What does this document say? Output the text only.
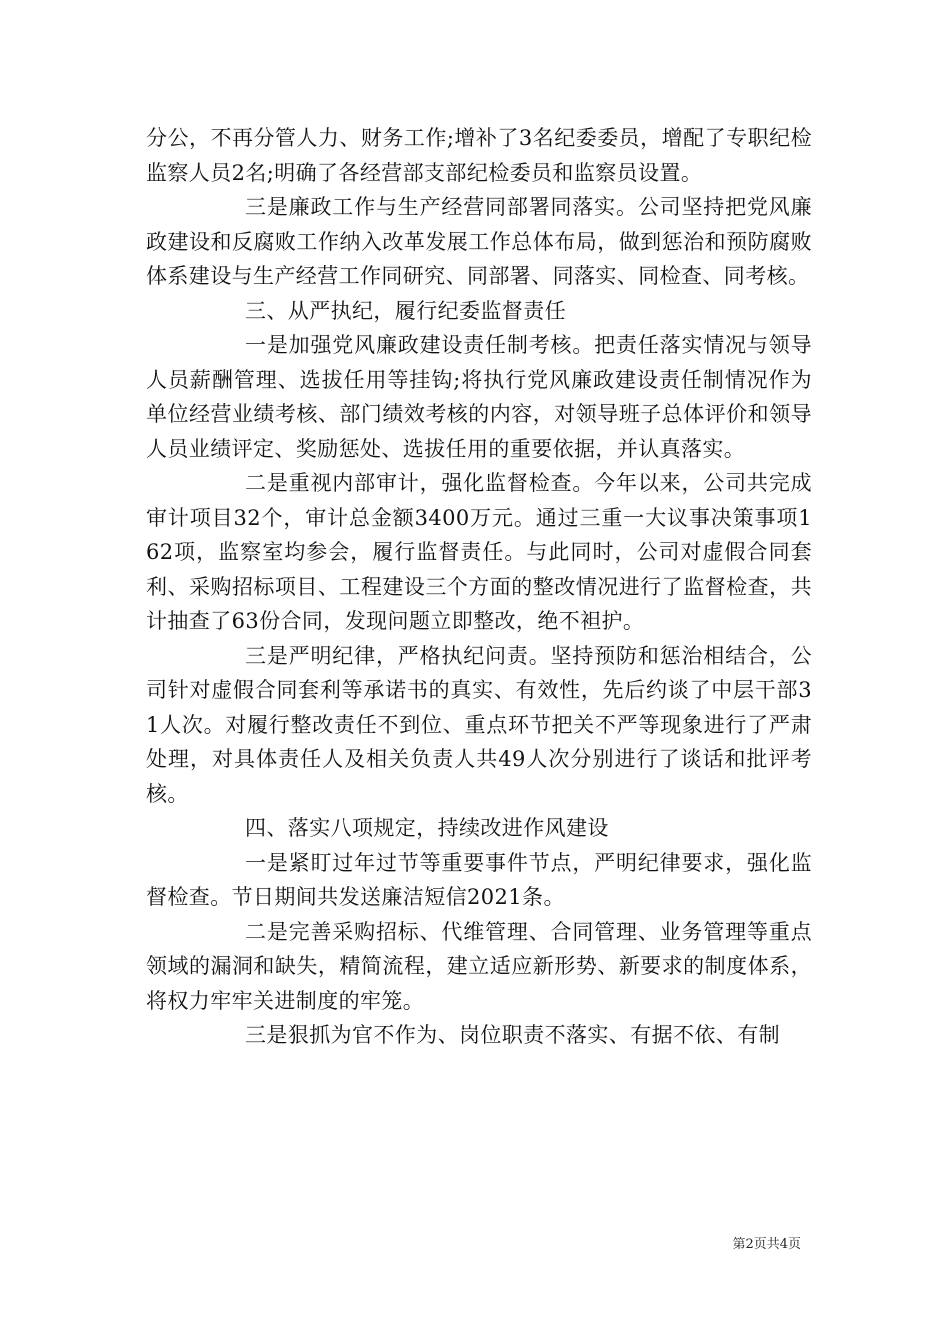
分公，不再分管人力、财务工作;增补了3名纪委委员，增配了专职纪检监察人员2名;明确了各经营部支部纪检委员和监察员设置。

三是廉政工作与生产经营同部署同落实。公司坚持把党风廉政建设和反腐败工作纳入改革发展工作总体布局，做到惩治和预防腐败体系建设与生产经营工作同研究、同部署、同落实、同检查、同考核。

三、从严执纪，履行纪委监督责任

一是加强党风廉政建设责任制考核。把责任落实情况与领导人员薪酬管理、选拔任用等挂钩;将执行党风廉政建设责任制情况作为单位经营业绩考核、部门绩效考核的内容，对领导班子总体评价和领导人员业绩评定、奖励惩处、选拔任用的重要依据，并认真落实。

二是重视内部审计，强化监督检查。今年以来，公司共完成审计项目32个，审计总金额3400万元。通过三重一大议事决策事项162项，监察室均参会，履行监督责任。与此同时，公司对虚假合同套利、采购招标项目、工程建设三个方面的整改情况进行了监督检查，共计抽查了63份合同，发现问题立即整改，绝不袒护。

三是严明纪律，严格执纪问责。坚持预防和惩治相结合，公司针对虚假合同套利等承诺书的真实、有效性，先后约谈了中层干部31人次。对履行整改责任不到位、重点环节把关不严等现象进行了严肃处理，对具体责任人及相关负责人共49人次分别进行了谈话和批评考核。

四、落实八项规定，持续改进作风建设

一是紧盯过年过节等重要事件节点，严明纪律要求，强化监督检查。节日期间共发送廉洁短信2021条。

二是完善采购招标、代维管理、合同管理、业务管理等重点领域的漏洞和缺失，精简流程，建立适应新形势、新要求的制度体系，将权力牢牢关进制度的牢笼。

三是狠抓为官不作为、岗位职责不落实、有据不依、有制

第2页共4页
